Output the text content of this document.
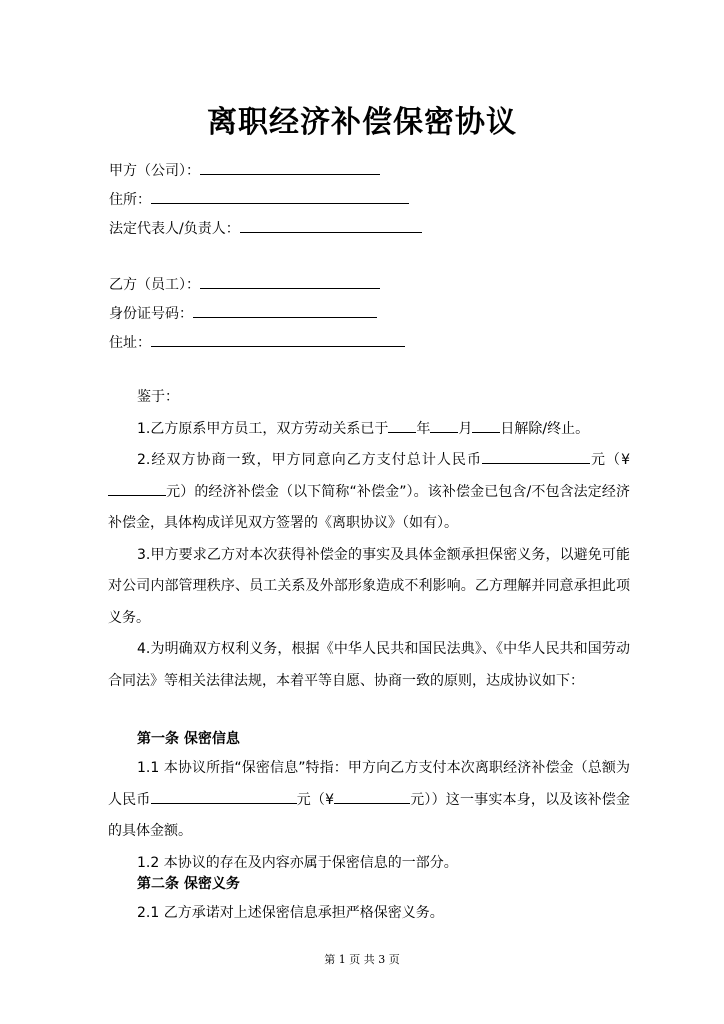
离职经济补偿保密协议
甲方（公司）：
住所：
法定代表人/负责人：
乙方（员工）：
身份证号码：
住址：

鉴于：

1.乙方原系甲方员工，双方劳动关系已于 年 月 日解除/终止。

2.经双方协商一致，甲方同意向乙方支付总计人民币	元（¥元）的经济补偿金（以下简称“补偿金”）。该补偿金已包含/不包含法定经济补偿金，具体构成详见双方签署的《离职协议》（如有）。

3.甲方要求乙方对本次获得补偿金的事实及具体金额承担保密义务，以避免可能对公司内部管理秩序、员工关系及外部形象造成不利影响。乙方理解并同意承担此项义务。

4.为明确双方权利义务，根据《中华人民共和国民法典》、《中华人民共和国劳动合同法》等相关法律法规，本着平等自愿、协商一致的原则，达成协议如下：

第一条 保密信息

1.1 本协议所指“保密信息”特指：甲方向乙方支付本次离职经济补偿金（总额为人民币	元（¥	元））这一事实本身，以及该补偿金的具体金额。

1.2 本协议的存在及内容亦属于保密信息的一部分。

第二条 保密义务

2.1 乙方承诺对上述保密信息承担严格保密义务。

第 1 页 共 3 页
